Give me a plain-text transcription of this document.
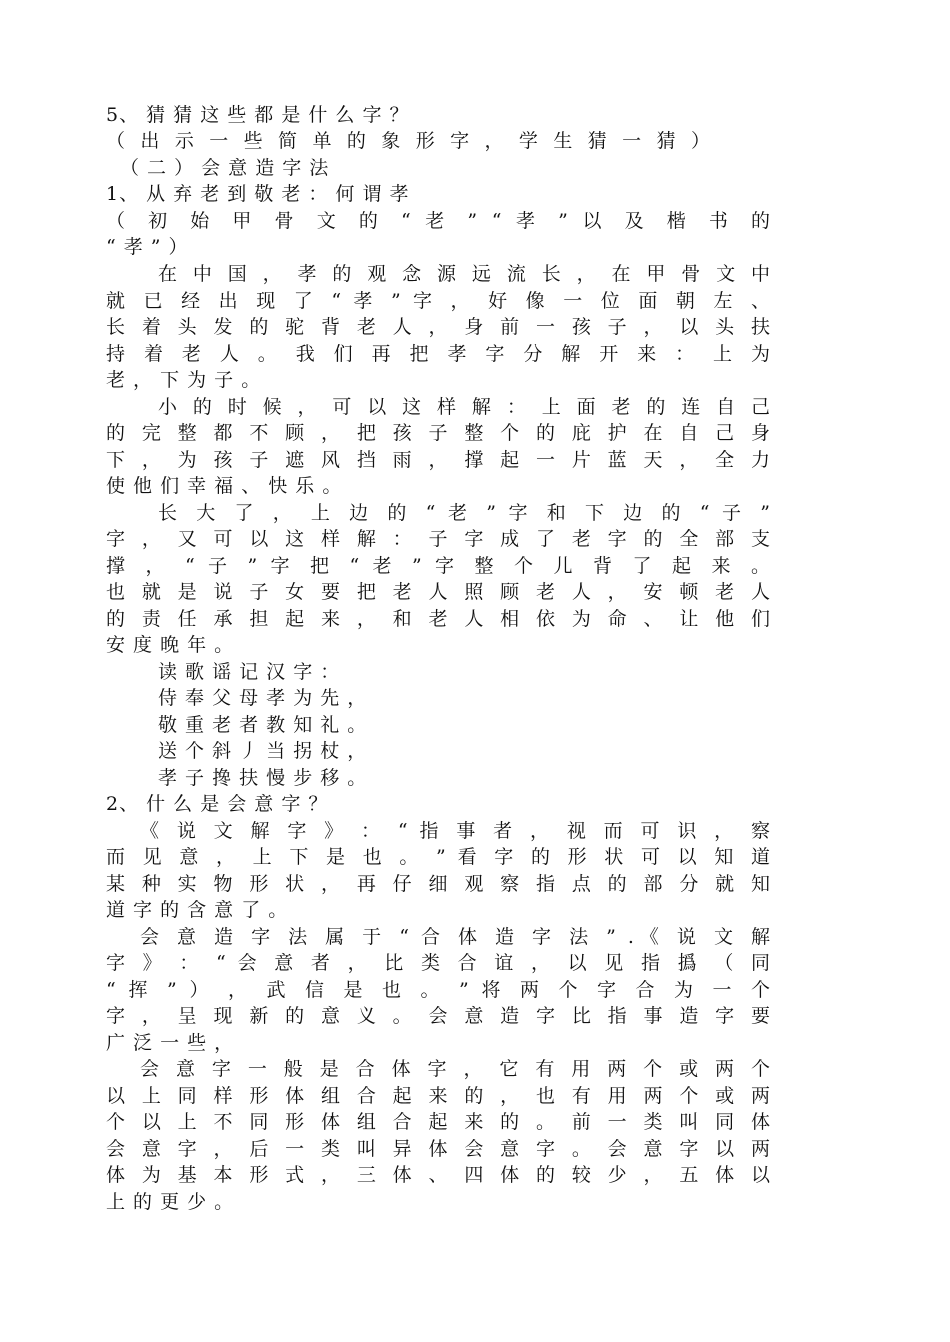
5、 猜 猜 这 些 都 是 什 么 字 ？
（ 出 示 一 些 简 单 的 象 形 字 ， 学 生 猜 一 猜 ）
（ 二 ） 会 意 造 字 法
1、 从 弃 老 到 敬 老 ： 何 谓 孝
（ 初 始 甲 骨 文 的 “ 老 ” “ 孝 ” 以 及 楷 书 的
“ 孝 ” ）
在 中 国 ， 孝 的 观 念 源 远 流 长 ， 在 甲 骨 文 中
就 已 经 出 现 了 “ 孝 ” 字 ， 好 像 一 位 面 朝 左 、
长 着 头 发 的 驼 背 老 人 ， 身 前 一 孩 子 ， 以 头 扶
持 着 老 人 。 我 们 再 把 孝 字 分 解 开 来 ： 上 为
老 ， 下 为 子 。
小 的 时 候 ， 可 以 这 样 解 ： 上 面 老 的 连 自 己
的 完 整 都 不 顾 ， 把 孩 子 整 个 的 庇 护 在 自 己 身
下 ， 为 孩 子 遮 风 挡 雨 ， 撑 起 一 片 蓝 天 ， 全 力
使 他 们 幸 福 、 快 乐 。
长 大 了 ， 上 边 的 “ 老 ” 字 和 下 边 的 “ 子 ”
字 ， 又 可 以 这 样 解 ： 子 字 成 了 老 字 的 全 部 支
撑 ， “ 子 ” 字 把 “ 老 ” 字 整 个 儿 背 了 起 来 。
也 就 是 说 子 女 要 把 老 人 照 顾 老 人 ， 安 顿 老 人
的 责 任 承 担 起 来 ， 和 老 人 相 依 为 命 、 让 他 们
安 度 晚 年 。
读 歌 谣 记 汉 字 ：
侍 奉 父 母 孝 为 先 ，
敬 重 老 者 教 知 礼 。
送 个 斜 丿 当 拐 杖 ，
孝 子 搀 扶 慢 步 移 。
2、 什 么 是 会 意 字 ？
《 说 文 解 字 》 ： “ 指 事 者 ， 视 而 可 识 ， 察
而 见 意 ， 上 下 是 也 。 ” 看 字 的 形 状 可 以 知 道
某 种 实 物 形 状 ， 再 仔 细 观 察 指 点 的 部 分 就 知
道 字 的 含 意 了 。
会 意 造 字 法 属 于 “ 合 体 造 字 法 ” .《 说 文 解
字 》 ： “ 会 意 者 ， 比 类 合 谊 ， 以 见 指 撝 （ 同
“ 挥 ” ） ， 武 信 是 也 。 ” 将 两 个 字 合 为 一 个
字 ， 呈 现 新 的 意 义 。 会 意 造 字 比 指 事 造 字 要
广 泛 一 些 ，
会 意 字 一 般 是 合 体 字 ， 它 有 用 两 个 或 两 个
以 上 同 样 形 体 组 合 起 来 的 ， 也 有 用 两 个 或 两
个 以 上 不 同 形 体 组 合 起 来 的 。 前 一 类 叫 同 体
会 意 字 ， 后 一 类 叫 异 体 会 意 字 。 会 意 字 以 两
体 为 基 本 形 式 ， 三 体 、 四 体 的 较 少 ， 五 体 以
上 的 更 少 。
